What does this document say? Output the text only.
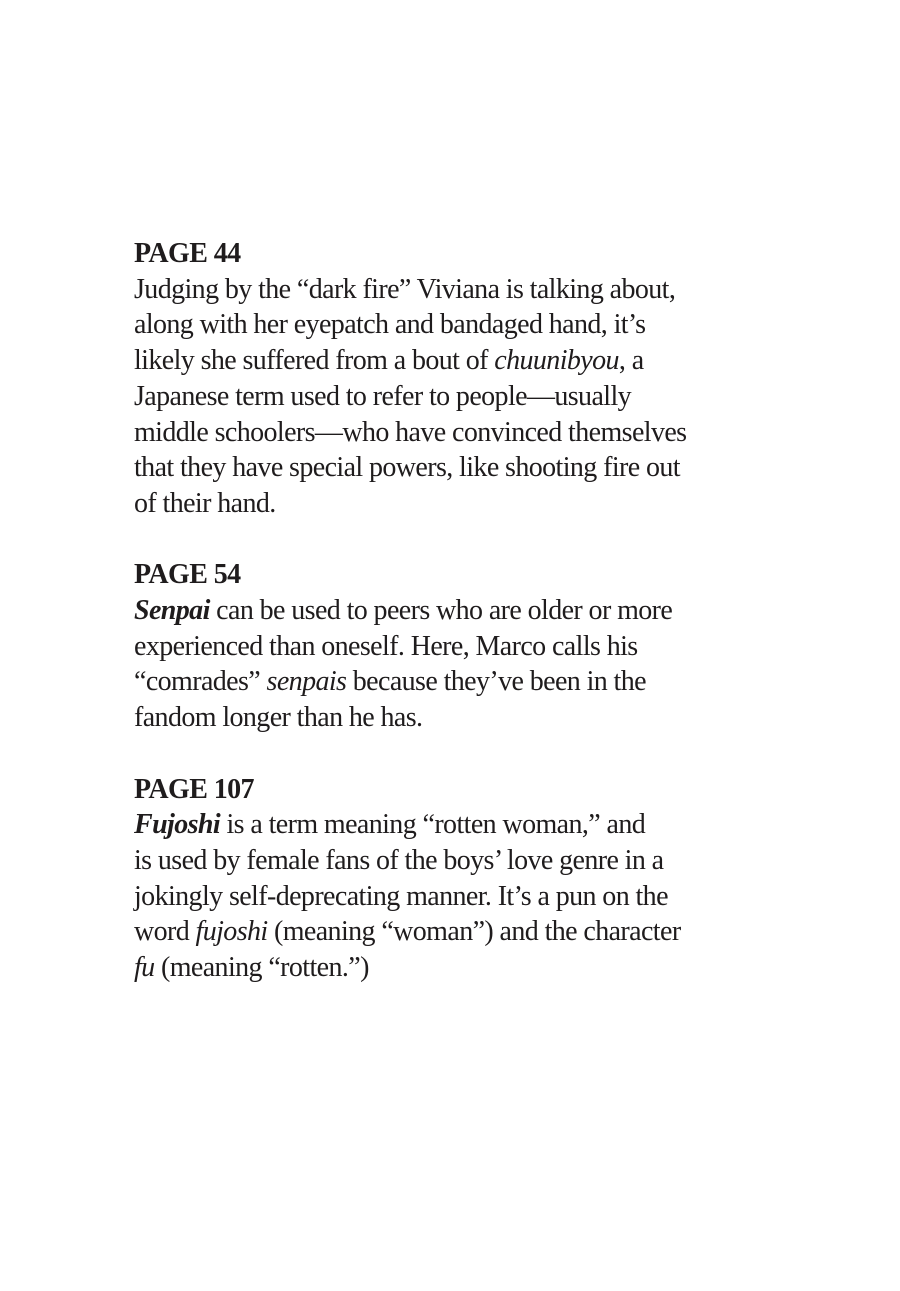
PAGE 44
Judging by the “dark fire” Viviana is talking about,
along with her eyepatch and bandaged hand, it’s
likely she suffered from a bout of chuunibyou, a
Japanese term used to refer to people—usually
middle schoolers—who have convinced themselves
that they have special powers, like shooting fire out
of their hand.
PAGE 54
Senpai can be used to peers who are older or more
experienced than oneself. Here, Marco calls his
“comrades” senpais because they’ve been in the
fandom longer than he has.
PAGE 107
Fujoshi is a term meaning “rotten woman,” and
is used by female fans of the boys’ love genre in a
jokingly self-deprecating manner. It’s a pun on the
word fujoshi (meaning “woman”) and the character
fu (meaning “rotten.”)
